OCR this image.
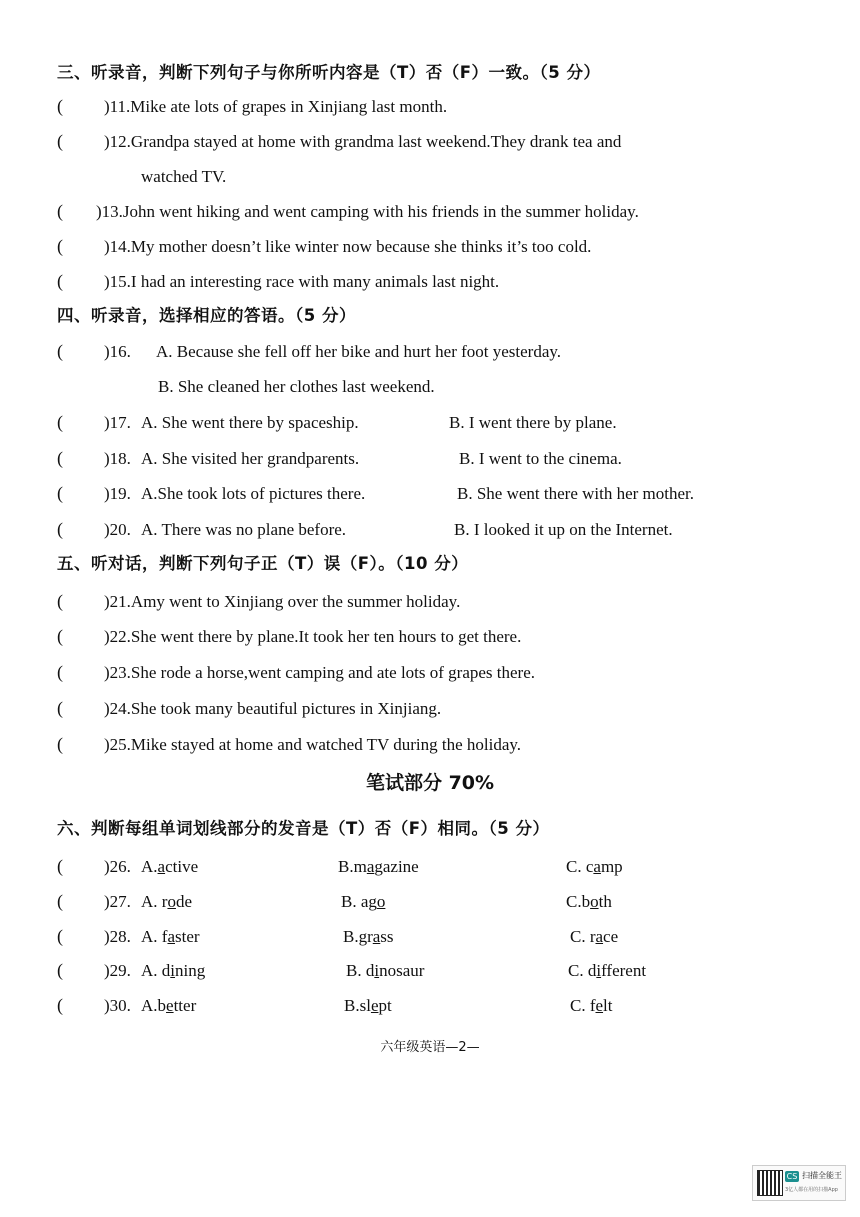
三、听录音，判断下列句子与你所听内容是（T）否（F）一致。（5 分）
( )11.Mike ate lots of grapes in Xinjiang last month.
( )12.Grandpa stayed at home with grandma last weekend.They drank tea and
watched TV.
( )13.John went hiking and went camping with his friends in the summer holiday.
( )14.My mother doesn’t like winter now because she thinks it’s too cold.
( )15.I had an interesting race with many animals last night.
四、听录音，选择相应的答语。（5 分）
( )16. A. Because she fell off her bike and hurt her foot yesterday.
B. She cleaned her clothes last weekend.
( )17. A. She went there by spaceship.	B. I went there by plane.
( )18. A. She visited her grandparents.	B. I went to the cinema.
( )19. A.She took lots of pictures there.	B. She went there with her mother.
( )20. A. There was no plane before.	B. I looked it up on the Internet.
五、听对话，判断下列句子正（T）误（F）。（10 分）
( )21.Amy went to Xinjiang over the summer holiday.
( )22.She went there by plane.It took her ten hours to get there.
( )23.She rode a horse,went camping and ate lots of grapes there.
( )24.She took many beautiful pictures in Xinjiang.
( )25.Mike stayed at home and watched TV during the holiday.
笔试部分 70%
六、判断每组单词划线部分的发音是（T）否（F）相同。（5 分）
( )26. A.active	B.magazine	C. camp
( )27. A. rode	B. ago	C.both
( )28. A. faster	B.grass	C. race
( )29. A. dining	B. dinosaur	C. different
( )30. A.better	B.slept	C. felt
六年级英语—2—
CS 扫描全能王
3亿人都在用的扫描App
